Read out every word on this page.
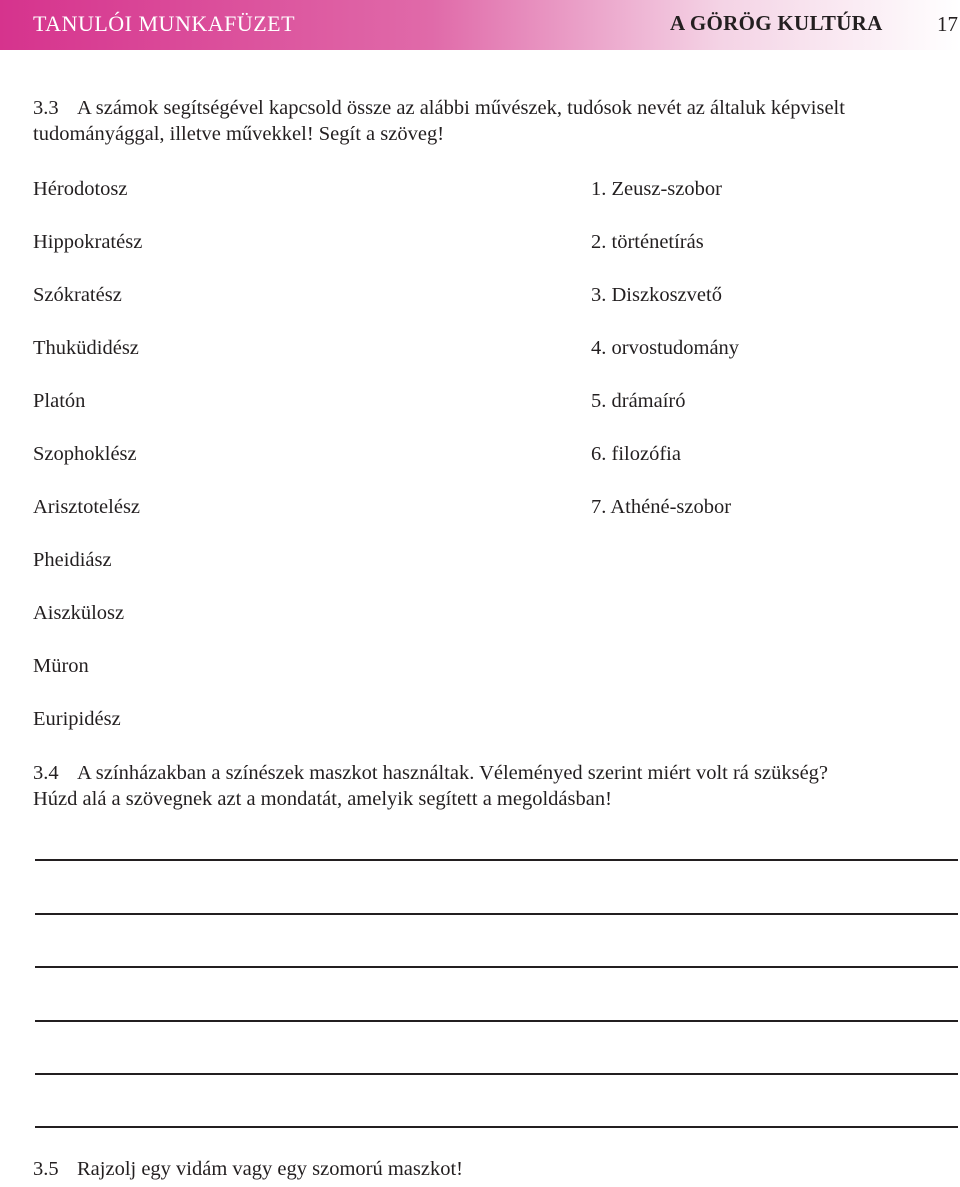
TANULÓI MUNKAFÜZET	A GÖRÖG KULTÚRA	17
3.3 A számok segítségével kapcsold össze az alábbi művészek, tudósok nevét az általuk képviselt
tudományággal, illetve művekkel! Segít a szöveg!
Hérodotosz
Hippokratész
Szókratész
Thuküdidész
Platón
Szophoklész
Arisztotelész
Pheidiász
Aiszkülosz
Müron
Euripidész
1. Zeusz-szobor
2. történetírás
3. Diszkoszvető
4. orvostudomány
5. drámaíró
6. filozófia
7. Athéné-szobor
3.4 A színházakban a színészek maszkot használtak. Véleményed szerint miért volt rá szükség?
Húzd alá a szövegnek azt a mondatát, amelyik segített a megoldásban!
3.5 Rajzolj egy vidám vagy egy szomorú maszkot!
